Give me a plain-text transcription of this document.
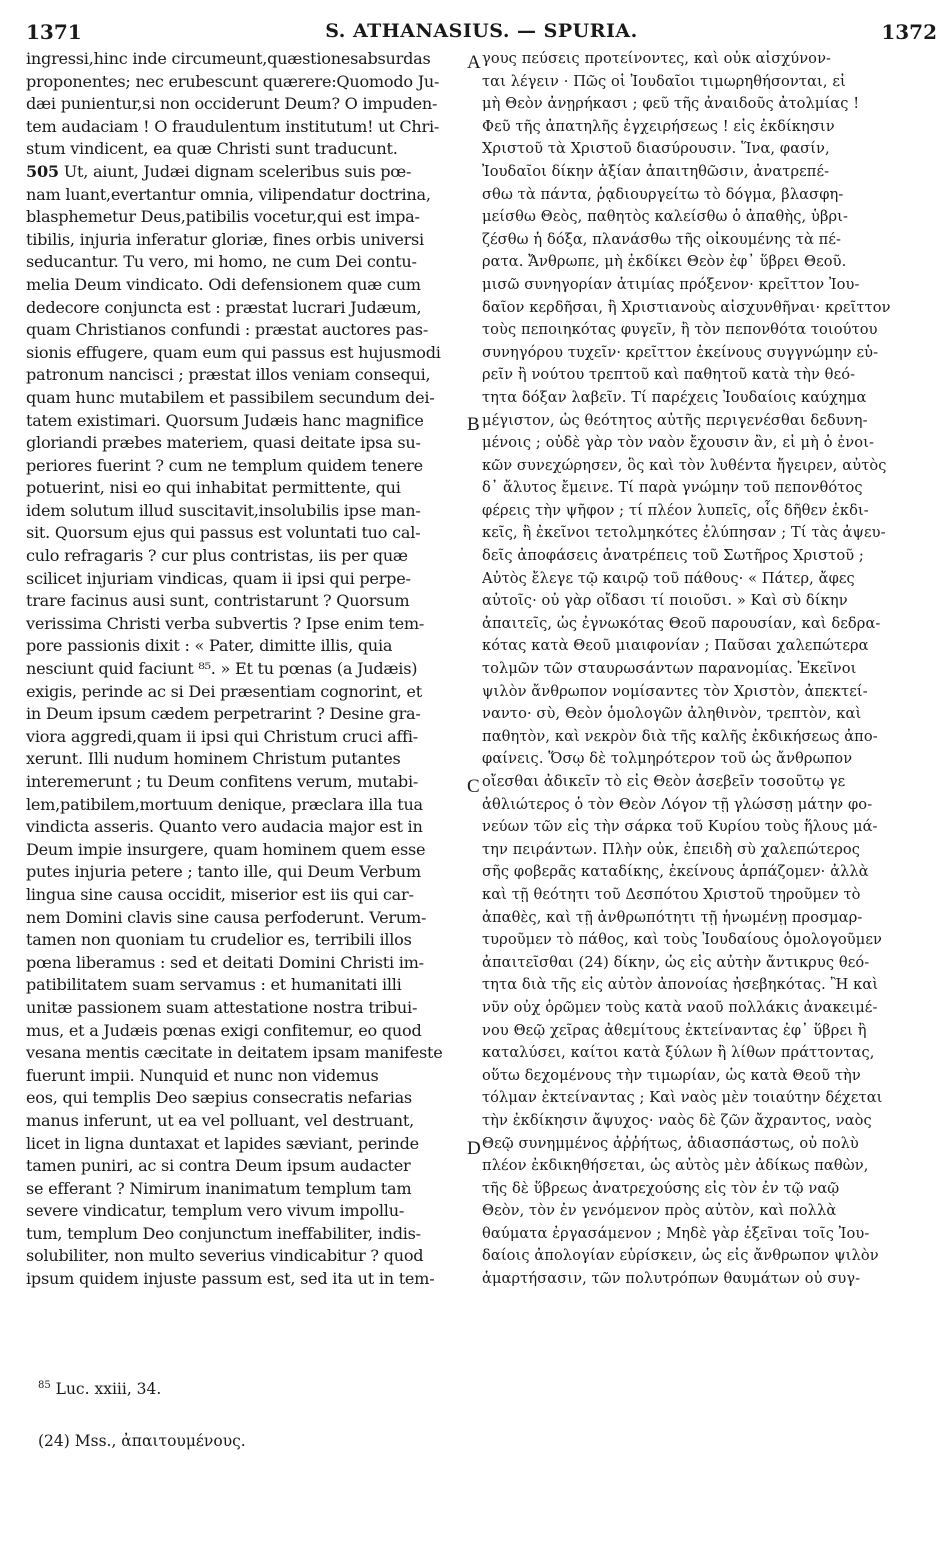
1371	S. ATHANASIUS. — SPURIA.	1372
ingressi,hinc inde circumeunt,quæstionesabsurdas
proponentes; nec erubescunt quærere:Quomodo Ju-
dæi punientur,si non occiderunt Deum? O impuden-
tem audaciam ! O fraudulentum institutum! ut Chri-
stum vindicent, ea quæ Christi sunt traducunt.
505 Ut, aiunt, Judæi dignam sceleribus suis pœ-
nam luant,evertantur omnia, vilipendatur doctrina,
blasphemetur Deus,patibilis vocetur,qui est impa-
tibilis, injuria inferatur gloriæ, fines orbis universi
seducantur. Tu vero, mi homo, ne cum Dei contu-
melia Deum vindicato. Odi defensionem quæ cum
dedecore conjuncta est : præstat lucrari Judæum,
quam Christianos confundi : præstat auctores pas-
sionis effugere, quam eum qui passus est hujusmodi
patronum nancisci ; præstat illos veniam consequi,
quam hunc mutabilem et passibilem secundum dei-
tatem existimari. Quorsum Judæis hanc magnifice
gloriandi præbes materiem, quasi deitate ipsa su-
periores fuerint ? cum ne templum quidem tenere
potuerint, nisi eo qui inhabitat permittente, qui
idem solutum illud suscitavit,insolubilis ipse man-
sit. Quorsum ejus qui passus est voluntati tuo cal-
culo refragaris ? cur plus contristas, iis per quæ
scilicet injuriam vindicas, quam ii ipsi qui perpe-
trare facinus ausi sunt, contristarunt ? Quorsum
verissima Christi verba subvertis ? Ipse enim tem-
pore passionis dixit : « Pater, dimitte illis, quia
nesciunt quid faciunt ⁸⁵. » Et tu pœnas (a Judæis)
exigis, perinde ac si Dei præsentiam cognorint, et
in Deum ipsum cædem perpetrarint ? Desine gra-
viora aggredi,quam ii ipsi qui Christum cruci affi-
xerunt. Illi nudum hominem Christum putantes
interemerunt ; tu Deum confitens verum, mutabi-
lem,patibilem,mortuum denique, præclara illa tua
vindicta asseris. Quanto vero audacia major est in
Deum impie insurgere, quam hominem quem esse
putes injuria petere ; tanto ille, qui Deum Verbum
lingua sine causa occidit, miserior est iis qui car-
nem Domini clavis sine causa perfoderunt. Verum-
tamen non quoniam tu crudelior es, terribili illos
pœna liberamus : sed et deitati Domini Christi im-
patibilitatem suam servamus : et humanitati illi
unitæ passionem suam attestatione nostra tribui-
mus, et a Judæis pœnas exigi confitemur, eo quod
vesana mentis cæcitate in deitatem ipsam manifeste
fuerunt impii. Nunquid et nunc non videmus
eos, qui templis Deo sæpius consecratis nefarias
manus inferunt, ut ea vel polluant, vel destruant,
licet in ligna duntaxat et lapides sæviant, perinde
tamen puniri, ac si contra Deum ipsum audacter
se efferant ? Nimirum inanimatum templum tam
severe vindicatur, templum vero vivum impollu-
tum, templum Deo conjunctum ineffabiliter, indis-
solubiliter, non multo severius vindicabitur ? quod
ipsum quidem injuste passum est, sed ita ut in tem-
γους πεύσεις προτείνοντες, καὶ οὐκ αἰσχύνον-
ται λέγειν · Πῶς οἱ Ἰουδαῖοι τιμωρηθήσονται, εἰ
μὴ Θεὸν ἀνῃρήκασι ; φεῦ τῆς ἀναιδοῦς ἀτολμίας !
Φεῦ τῆς ἀπατηλῆς ἐγχειρήσεως ! εἰς ἐκδίκησιν
Χριστοῦ τὰ Χριστοῦ διασύρουσιν. Ἵνα, φασίν,
Ἰουδαῖοι δίκην ἀξίαν ἀπαιτηθῶσιν, ἀνατρεπέ-
σθω τὰ πάντα, ῥᾳδιουργείτω τὸ δόγμα, βλασφη-
μείσθω Θεὸς, παθητὸς καλείσθω ὁ ἀπαθὴς, ὑβρι-
ζέσθω ἡ δόξα, πλανάσθω τῆς οἰκουμένης τὰ πέ-
ρατα. Ἄνθρωπε, μὴ ἐκδίκει Θεὸν ἐφ᾽ ὕβρει Θεοῦ.
μισῶ συνηγορίαν ἀτιμίας πρόξενον· κρεῖττον Ἰου-
δαῖον κερδῆσαι, ἢ Χριστιανοὺς αἰσχυνθῆναι· κρεῖττον
τοὺς πεποιηκότας φυγεῖν, ἢ τὸν πεπονθότα τοιούτου
συνηγόρου τυχεῖν· κρεῖττον ἐκείνους συγγνώμην εὑ-
ρεῖν ἢ νούτου τρεπτοῦ καὶ παθητοῦ κατὰ τὴν θεό-
τητα δόξαν λαβεῖν. Τί παρέχεις Ἰουδαίοις καύχημα
μέγιστον, ὡς θεότητος αὐτῆς περιγενέσθαι δεδυνη-
μένοις ; οὐδὲ γὰρ τὸν ναὸν ἔχουσιν ἂν, εἰ μὴ ὁ ἐνοι-
κῶν συνεχώρησεν, ὃς καὶ τὸν λυθέντα ἤγειρεν, αὐτὸς
δ᾽ ἄλυτος ἔμεινε. Τί παρὰ γνώμην τοῦ πεπονθότος
φέρεις τὴν ψῆφον ; τί πλέον λυπεῖς, οἷς δῆθεν ἐκδι-
κεῖς, ἢ ἐκεῖνοι τετολμηκότες ἐλύπησαν ; Τί τὰς ἀψευ-
δεῖς ἀποφάσεις ἀνατρέπεις τοῦ Σωτῆρος Χριστοῦ ;
Αὐτὸς ἔλεγε τῷ καιρῷ τοῦ πάθους· « Πάτερ, ἄφες
αὐτοῖς· οὐ γὰρ οἴδασι τί ποιοῦσι. » Καὶ σὺ δίκην
ἀπαιτεῖς, ὡς ἐγνωκότας Θεοῦ παρουσίαν, καὶ δεδρα-
κότας κατὰ Θεοῦ μιαιφονίαν ; Παῦσαι χαλεπώτερα
τολμῶν τῶν σταυρωσάντων παρανομίας. Ἐκεῖνοι
ψιλὸν ἄνθρωπον νομίσαντες τὸν Χριστὸν, ἀπεκτεί-
ναντο· σὺ, Θεὸν ὁμολογῶν ἀληθινὸν, τρεπτὸν, καὶ
παθητὸν, καὶ νεκρὸν διὰ τῆς καλῆς ἐκδικήσεως ἀπο-
φαίνεις. Ὅσῳ δὲ τολμηρότερον τοῦ ὡς ἄνθρωπον
οἴεσθαι ἀδικεῖν τὸ εἰς Θεὸν ἀσεβεῖν τοσοῦτῳ γε
ἀθλιώτερος ὁ τὸν Θεὸν Λόγον τῇ γλώσσῃ μάτην φο-
νεύων τῶν εἰς τὴν σάρκα τοῦ Κυρίου τοὺς ἥλους μά-
την πειράντων. Πλὴν οὐκ, ἐπειδὴ σὺ χαλεπώτερος
σῆς φοβερᾶς καταδίκης, ἐκείνους ἁρπάζομεν· ἀλλὰ
καὶ τῇ θεότητι τοῦ Δεσπότου Χριστοῦ τηροῦμεν τὸ
ἀπαθὲς, καὶ τῇ ἀνθρωπότητι τῇ ἡνωμένῃ προσμαρ-
τυροῦμεν τὸ πάθος, καὶ τοὺς Ἰουδαίους ὁμολογοῦμεν
ἀπαιτεῖσθαι (24) δίκην, ὡς εἰς αὐτὴν ἄντικρυς θεό-
τητα διὰ τῆς εἰς αὐτὸν ἀπονοίας ἠσεβηκότας. Ἢ καὶ
νῦν οὐχ ὁρῶμεν τοὺς κατὰ ναοῦ πολλάκις ἀνακειμέ-
νου Θεῷ χεῖρας ἀθεμίτους ἐκτείναντας ἐφ᾽ ὕβρει ἢ
καταλύσει, καίτοι κατὰ ξύλων ἢ λίθων πράττοντας,
οὕτω δεχομένους τὴν τιμωρίαν, ὡς κατὰ Θεοῦ τὴν
τόλμαν ἐκτείναντας ; Καὶ ναὸς μὲν τοιαύτην δέχεται
τὴν ἐκδίκησιν ἄψυχος· ναὸς δὲ ζῶν ἄχραντος, ναὸς
Θεῷ συνημμένος ἀῤῥήτως, ἀδιασπάστως, οὐ πολὺ
πλέον ἐκδικηθήσεται, ὡς αὐτὸς μὲν ἀδίκως παθὼν,
τῆς δὲ ὕβρεως ἀνατρεχούσης εἰς τὸν ἐν τῷ ναῷ
Θεὸν, τὸν ἐν γενόμενον πρὸς αὐτὸν, καὶ πολλὰ
θαύματα ἐργασάμενον ; Μηδὲ γὰρ ἐξεῖναι τοῖς Ἰου-
δαίοις ἀπολογίαν εὑρίσκειν, ὡς εἰς ἄνθρωπον ψιλὸν
ἁμαρτήσασιν, τῶν πολυτρόπων θαυμάτων οὐ συγ-
A
B
C
D
$^{85}$ Luc. xxiii, 34.
(24) Mss., ἀπαιτουμένους.
